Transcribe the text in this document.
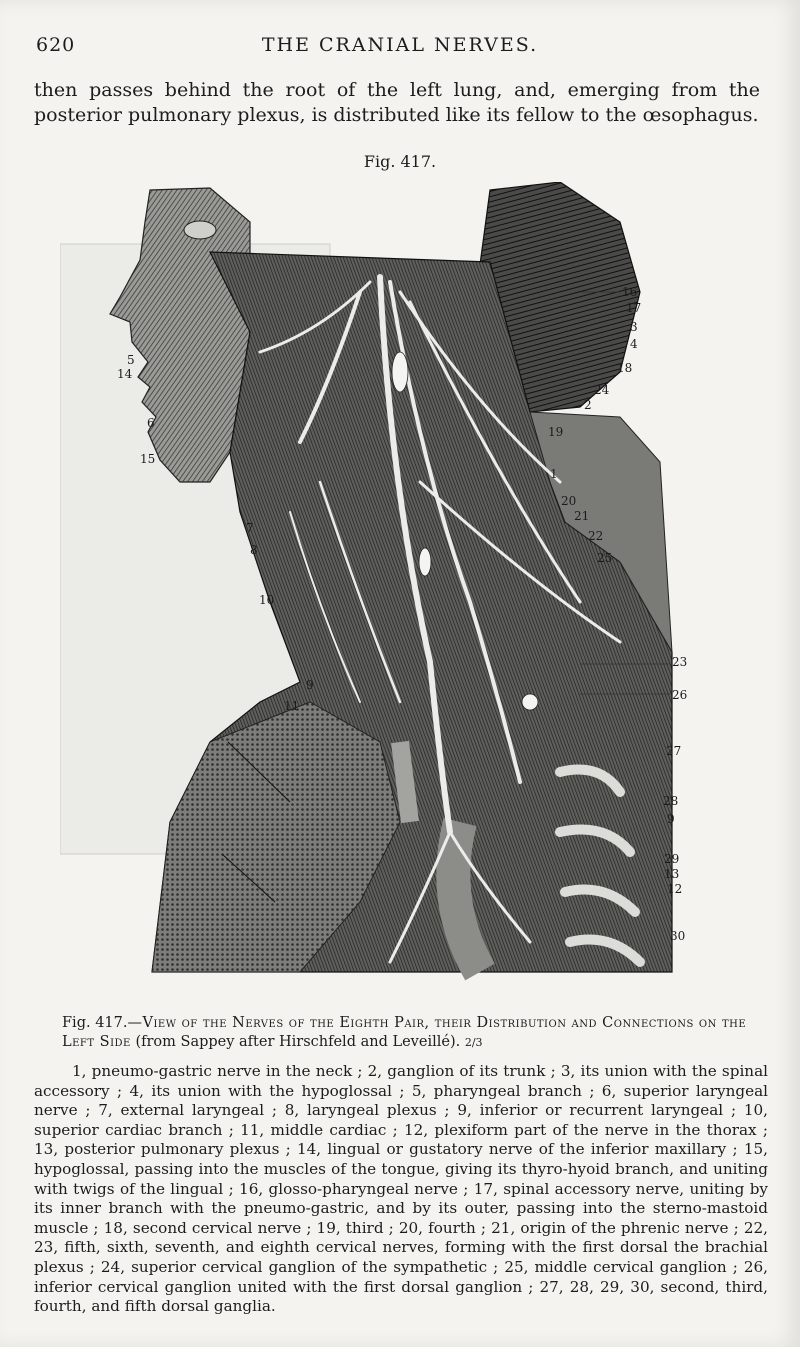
620	THE CRANIAL NERVES.

then passes behind the root of the left lung, and, emerging from the posterior pulmonary plexus, is distributed like its fellow to the œsophagus.

Fig. 417.
16
17
3
4
18
24
2
19
1
20
21
22
25
23
26
27
28
9
29
13
12
30
5
14
6
15
7
8
10
9
11
Fig. 417.—View of the Nerves of the Eighth Pair, their Distribution and Connections on the Left Side (from Sappey after Hirschfeld and Leveillé). 2/3

1, pneumo-gastric nerve in the neck ; 2, ganglion of its trunk ; 3, its union with the spinal accessory ; 4, its union with the hypoglossal ; 5, pharyngeal branch ; 6, superior laryngeal nerve ; 7, external laryngeal ; 8, laryngeal plexus ; 9, inferior or recurrent laryngeal ; 10, superior cardiac branch ; 11, middle cardiac ; 12, plexiform part of the nerve in the thorax ; 13, posterior pulmonary plexus ; 14, lingual or gustatory nerve of the inferior maxillary ; 15, hypoglossal, passing into the muscles of the tongue, giving its thyro-hyoid branch, and uniting with twigs of the lingual ; 16, glosso-pharyngeal nerve ; 17, spinal accessory nerve, uniting by its inner branch with the pneumo-gastric, and by its outer, passing into the sterno-mastoid muscle ; 18, second cervical nerve ; 19, third ; 20, fourth ; 21, origin of the phrenic nerve ; 22, 23, fifth, sixth, seventh, and eighth cervical nerves, forming with the first dorsal the brachial plexus ; 24, superior cervical ganglion of the sympathetic ; 25, middle cervical ganglion ; 26, inferior cervical ganglion united with the first dorsal ganglion ; 27, 28, 29, 30, second, third, fourth, and fifth dorsal ganglia.
